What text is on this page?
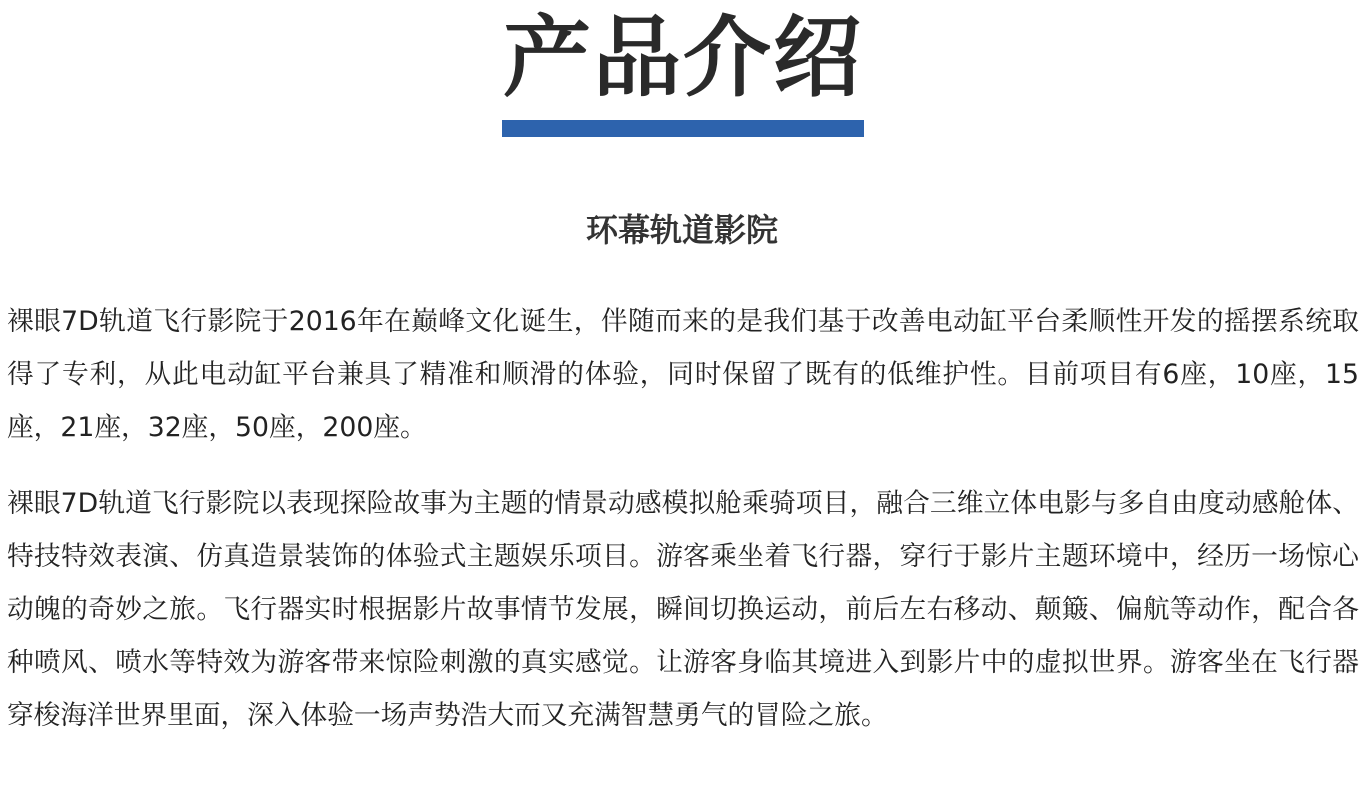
产品介绍
环幕轨道影院

裸眼7D轨道飞行影院于2016年在巅峰文化诞生，伴随而来的是我们基于改善电动缸平台柔顺性开发的摇摆系统取得了专利，从此电动缸平台兼具了精准和顺滑的体验，同时保留了既有的低维护性。目前项目有6座，10座，15座，21座，32座，50座，200座。

裸眼7D轨道飞行影院以表现探险故事为主题的情景动感模拟舱乘骑项目，融合三维立体电影与多自由度动感舱体、特技特效表演、仿真造景装饰的体验式主题娱乐项目。游客乘坐着飞行器，穿行于影片主题环境中，经历一场惊心动魄的奇妙之旅。飞行器实时根据影片故事情节发展，瞬间切换运动，前后左右移动、颠簸、偏航等动作，配合各种喷风、喷水等特效为游客带来惊险刺激的真实感觉。让游客身临其境进入到影片中的虚拟世界。游客坐在飞行器穿梭海洋世界里面，深入体验一场声势浩大而又充满智慧勇气的冒险之旅。
